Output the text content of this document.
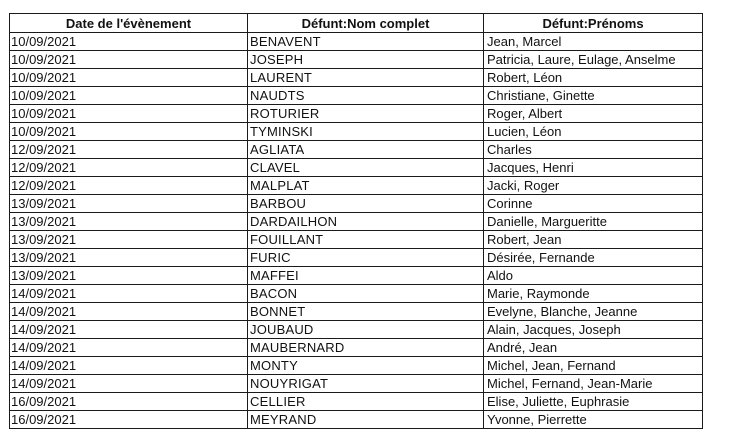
Date de l'évènement	Défunt:Nom complet	Défunt:Prénoms
10/09/2021	BENAVENT	Jean, Marcel
10/09/2021	JOSEPH	Patricia, Laure, Eulage, Anselme
10/09/2021	LAURENT	Robert, Léon
10/09/2021	NAUDTS	Christiane, Ginette
10/09/2021	ROTURIER	Roger, Albert
10/09/2021	TYMINSKI	Lucien, Léon
12/09/2021	AGLIATA	Charles
12/09/2021	CLAVEL	Jacques, Henri
12/09/2021	MALPLAT	Jacki, Roger
13/09/2021	BARBOU	Corinne
13/09/2021	DARDAILHON	Danielle, Margueritte
13/09/2021	FOUILLANT	Robert, Jean
13/09/2021	FURIC	Désirée, Fernande
13/09/2021	MAFFEI	Aldo
14/09/2021	BACON	Marie, Raymonde
14/09/2021	BONNET	Evelyne, Blanche, Jeanne
14/09/2021	JOUBAUD	Alain, Jacques, Joseph
14/09/2021	MAUBERNARD	André, Jean
14/09/2021	MONTY	Michel, Jean, Fernand
14/09/2021	NOUYRIGAT	Michel, Fernand, Jean-Marie
16/09/2021	CELLIER	Elise, Juliette, Euphrasie
16/09/2021	MEYRAND	Yvonne, Pierrette
